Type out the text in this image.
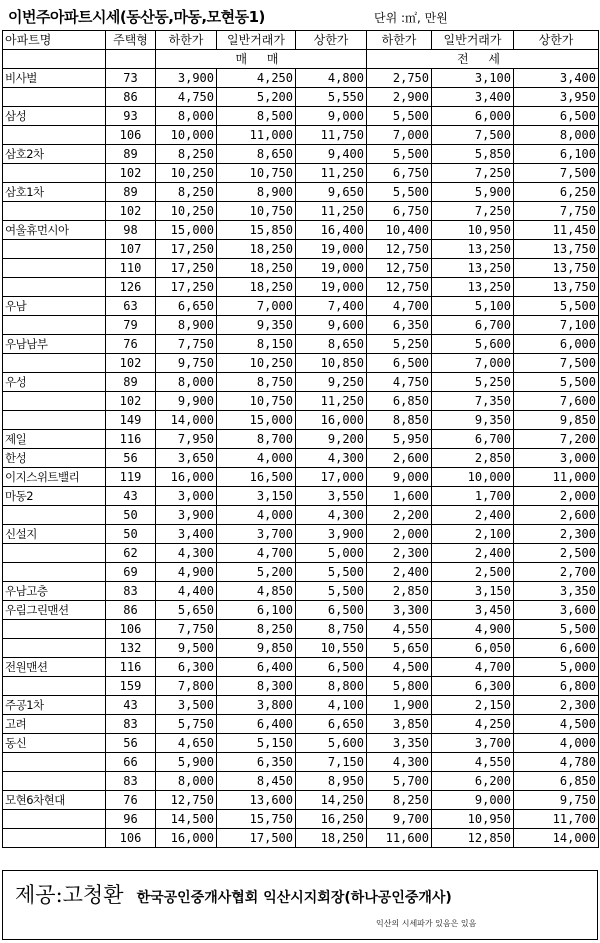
이번주아파트시세(동산동,마동,모현동1)	단위 :㎡, 만원
아파트명	주택형	하한가	일반거래가	상한가	하한가	일반거래가	상한가
		매 매			전 세		
비사벌	73	3,900	4,250	4,800	2,750	3,100	3,400
	86	4,750	5,200	5,550	2,900	3,400	3,950
삼성	93	8,000	8,500	9,000	5,500	6,000	6,500
	106	10,000	11,000	11,750	7,000	7,500	8,000
삼호2차	89	8,250	8,650	9,400	5,500	5,850	6,100
	102	10,250	10,750	11,250	6,750	7,250	7,500
삼호1차	89	8,250	8,900	9,650	5,500	5,900	6,250
	102	10,250	10,750	11,250	6,750	7,250	7,750
여울휴먼시아	98	15,000	15,850	16,400	10,400	10,950	11,450
	107	17,250	18,250	19,000	12,750	13,250	13,750
	110	17,250	18,250	19,000	12,750	13,250	13,750
	126	17,250	18,250	19,000	12,750	13,250	13,750
우남	63	6,650	7,000	7,400	4,700	5,100	5,500
	79	8,900	9,350	9,600	6,350	6,700	7,100
우남남부	76	7,750	8,150	8,650	5,250	5,600	6,000
	102	9,750	10,250	10,850	6,500	7,000	7,500
우성	89	8,000	8,750	9,250	4,750	5,250	5,500
	102	9,900	10,750	11,250	6,850	7,350	7,600
	149	14,000	15,000	16,000	8,850	9,350	9,850
제일	116	7,950	8,700	9,200	5,950	6,700	7,200
한성	56	3,650	4,000	4,300	2,600	2,850	3,000
이지스위트밸리	119	16,000	16,500	17,000	9,000	10,000	11,000
마동2	43	3,000	3,150	3,550	1,600	1,700	2,000
	50	3,900	4,000	4,300	2,200	2,400	2,600
신설지	50	3,400	3,700	3,900	2,000	2,100	2,300
	62	4,300	4,700	5,000	2,300	2,400	2,500
	69	4,900	5,200	5,500	2,400	2,500	2,700
우남고층	83	4,400	4,850	5,500	2,850	3,150	3,350
우림그린맨션	86	5,650	6,100	6,500	3,300	3,450	3,600
	106	7,750	8,250	8,750	4,550	4,900	5,500
	132	9,500	9,850	10,550	5,650	6,050	6,600
전원맨션	116	6,300	6,400	6,500	4,500	4,700	5,000
	159	7,800	8,300	8,800	5,800	6,300	6,800
주공1차	43	3,500	3,800	4,100	1,900	2,150	2,300
고려	83	5,750	6,400	6,650	3,850	4,250	4,500
동신	56	4,650	5,150	5,600	3,350	3,700	4,000
	66	5,900	6,350	7,150	4,300	4,550	4,780
	83	8,000	8,450	8,950	5,700	6,200	6,850
모현6차현대	76	12,750	13,600	14,250	8,250	9,000	9,750
	96	14,500	15,750	16,250	9,700	10,950	11,700
	106	16,000	17,500	18,250	11,600	12,850	14,000
제공:고청환 한국공인중개사협회 익산시지회장(하나공인중개사)
익산의 시세파가 있음은 있음
